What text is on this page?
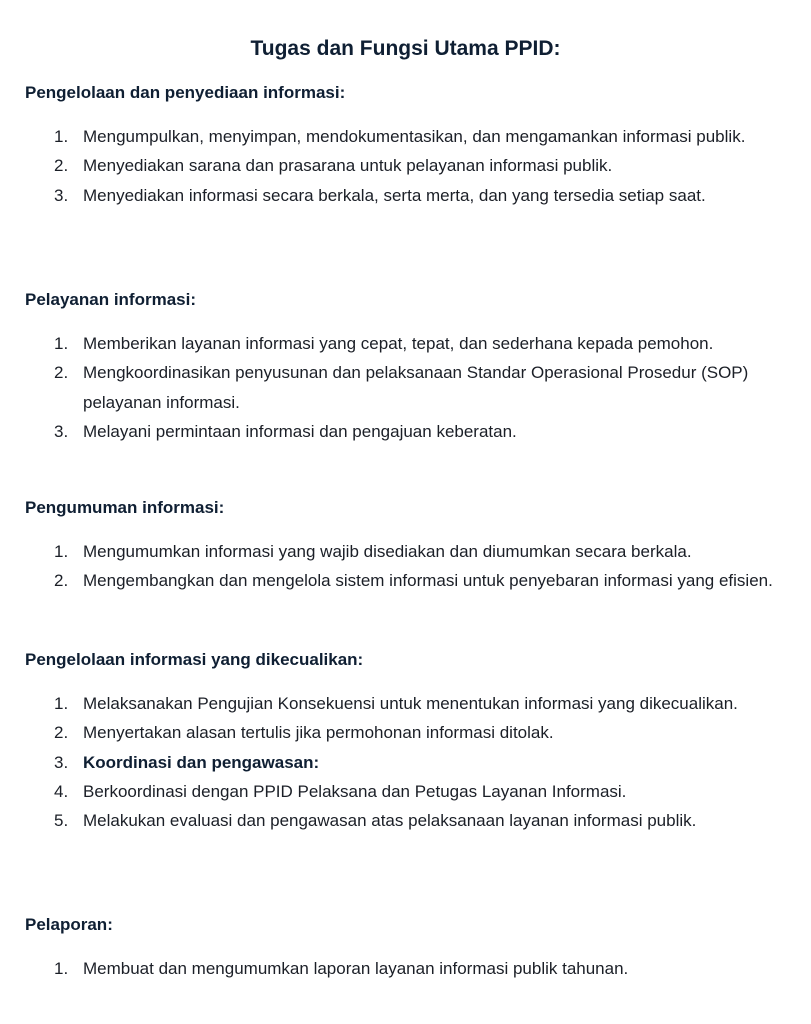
Tugas dan Fungsi Utama PPID:
Pengelolaan dan penyediaan informasi:
1. Mengumpulkan, menyimpan, mendokumentasikan, dan mengamankan informasi publik.
2. Menyediakan sarana dan prasarana untuk pelayanan informasi publik.
3. Menyediakan informasi secara berkala, serta merta, dan yang tersedia setiap saat.
Pelayanan informasi:
1. Memberikan layanan informasi yang cepat, tepat, dan sederhana kepada pemohon.
2. Mengkoordinasikan penyusunan dan pelaksanaan Standar Operasional Prosedur (SOP) pelayanan informasi.
3. Melayani permintaan informasi dan pengajuan keberatan.
Pengumuman informasi:
1. Mengumumkan informasi yang wajib disediakan dan diumumkan secara berkala.
2. Mengembangkan dan mengelola sistem informasi untuk penyebaran informasi yang efisien.
Pengelolaan informasi yang dikecualikan:
1. Melaksanakan Pengujian Konsekuensi untuk menentukan informasi yang dikecualikan.
2. Menyertakan alasan tertulis jika permohonan informasi ditolak.
3. Koordinasi dan pengawasan:
4. Berkoordinasi dengan PPID Pelaksana dan Petugas Layanan Informasi.
5. Melakukan evaluasi dan pengawasan atas pelaksanaan layanan informasi publik.
Pelaporan:
1. Membuat dan mengumumkan laporan layanan informasi publik tahunan.
